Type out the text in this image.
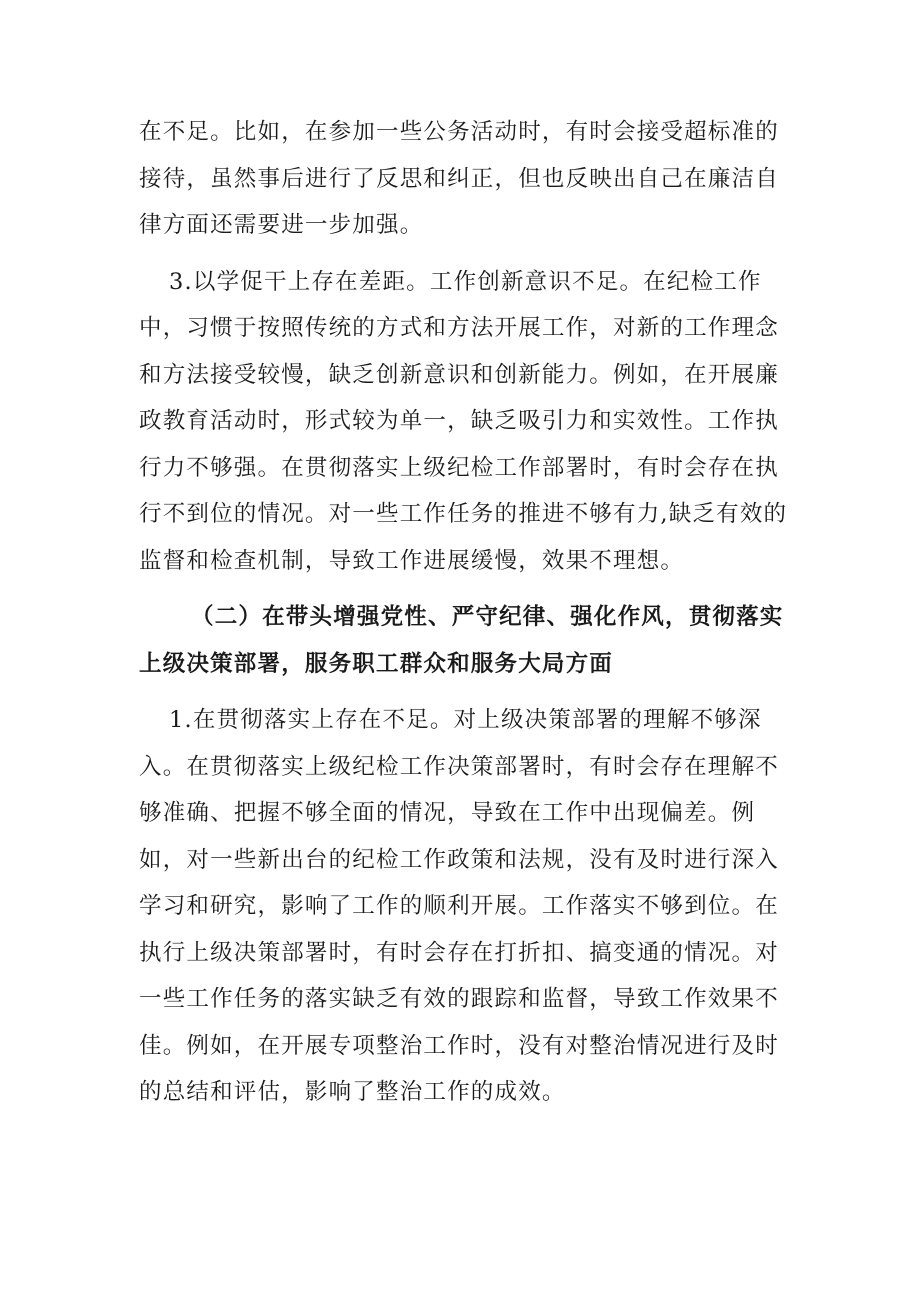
在不足。比如，在参加一些公务活动时，有时会接受超标准的接待，虽然事后进行了反思和纠正，但也反映出自己在廉洁自律方面还需要进一步加强。

3.以学促干上存在差距。工作创新意识不足。在纪检工作中，习惯于按照传统的方式和方法开展工作，对新的工作理念和方法接受较慢，缺乏创新意识和创新能力。例如，在开展廉政教育活动时，形式较为单一，缺乏吸引力和实效性。工作执行力不够强。在贯彻落实上级纪检工作部署时，有时会存在执行不到位的情况。对一些工作任务的推进不够有力,缺乏有效的监督和检查机制，导致工作进展缓慢，效果不理想。

（二）在带头增强党性、严守纪律、强化作风，贯彻落实上级决策部署，服务职工群众和服务大局方面

1.在贯彻落实上存在不足。对上级决策部署的理解不够深入。在贯彻落实上级纪检工作决策部署时，有时会存在理解不够准确、把握不够全面的情况，导致在工作中出现偏差。例如，对一些新出台的纪检工作政策和法规，没有及时进行深入学习和研究，影响了工作的顺利开展。工作落实不够到位。在执行上级决策部署时，有时会存在打折扣、搞变通的情况。对一些工作任务的落实缺乏有效的跟踪和监督，导致工作效果不佳。例如，在开展专项整治工作时，没有对整治情况进行及时的总结和评估，影响了整治工作的成效。
